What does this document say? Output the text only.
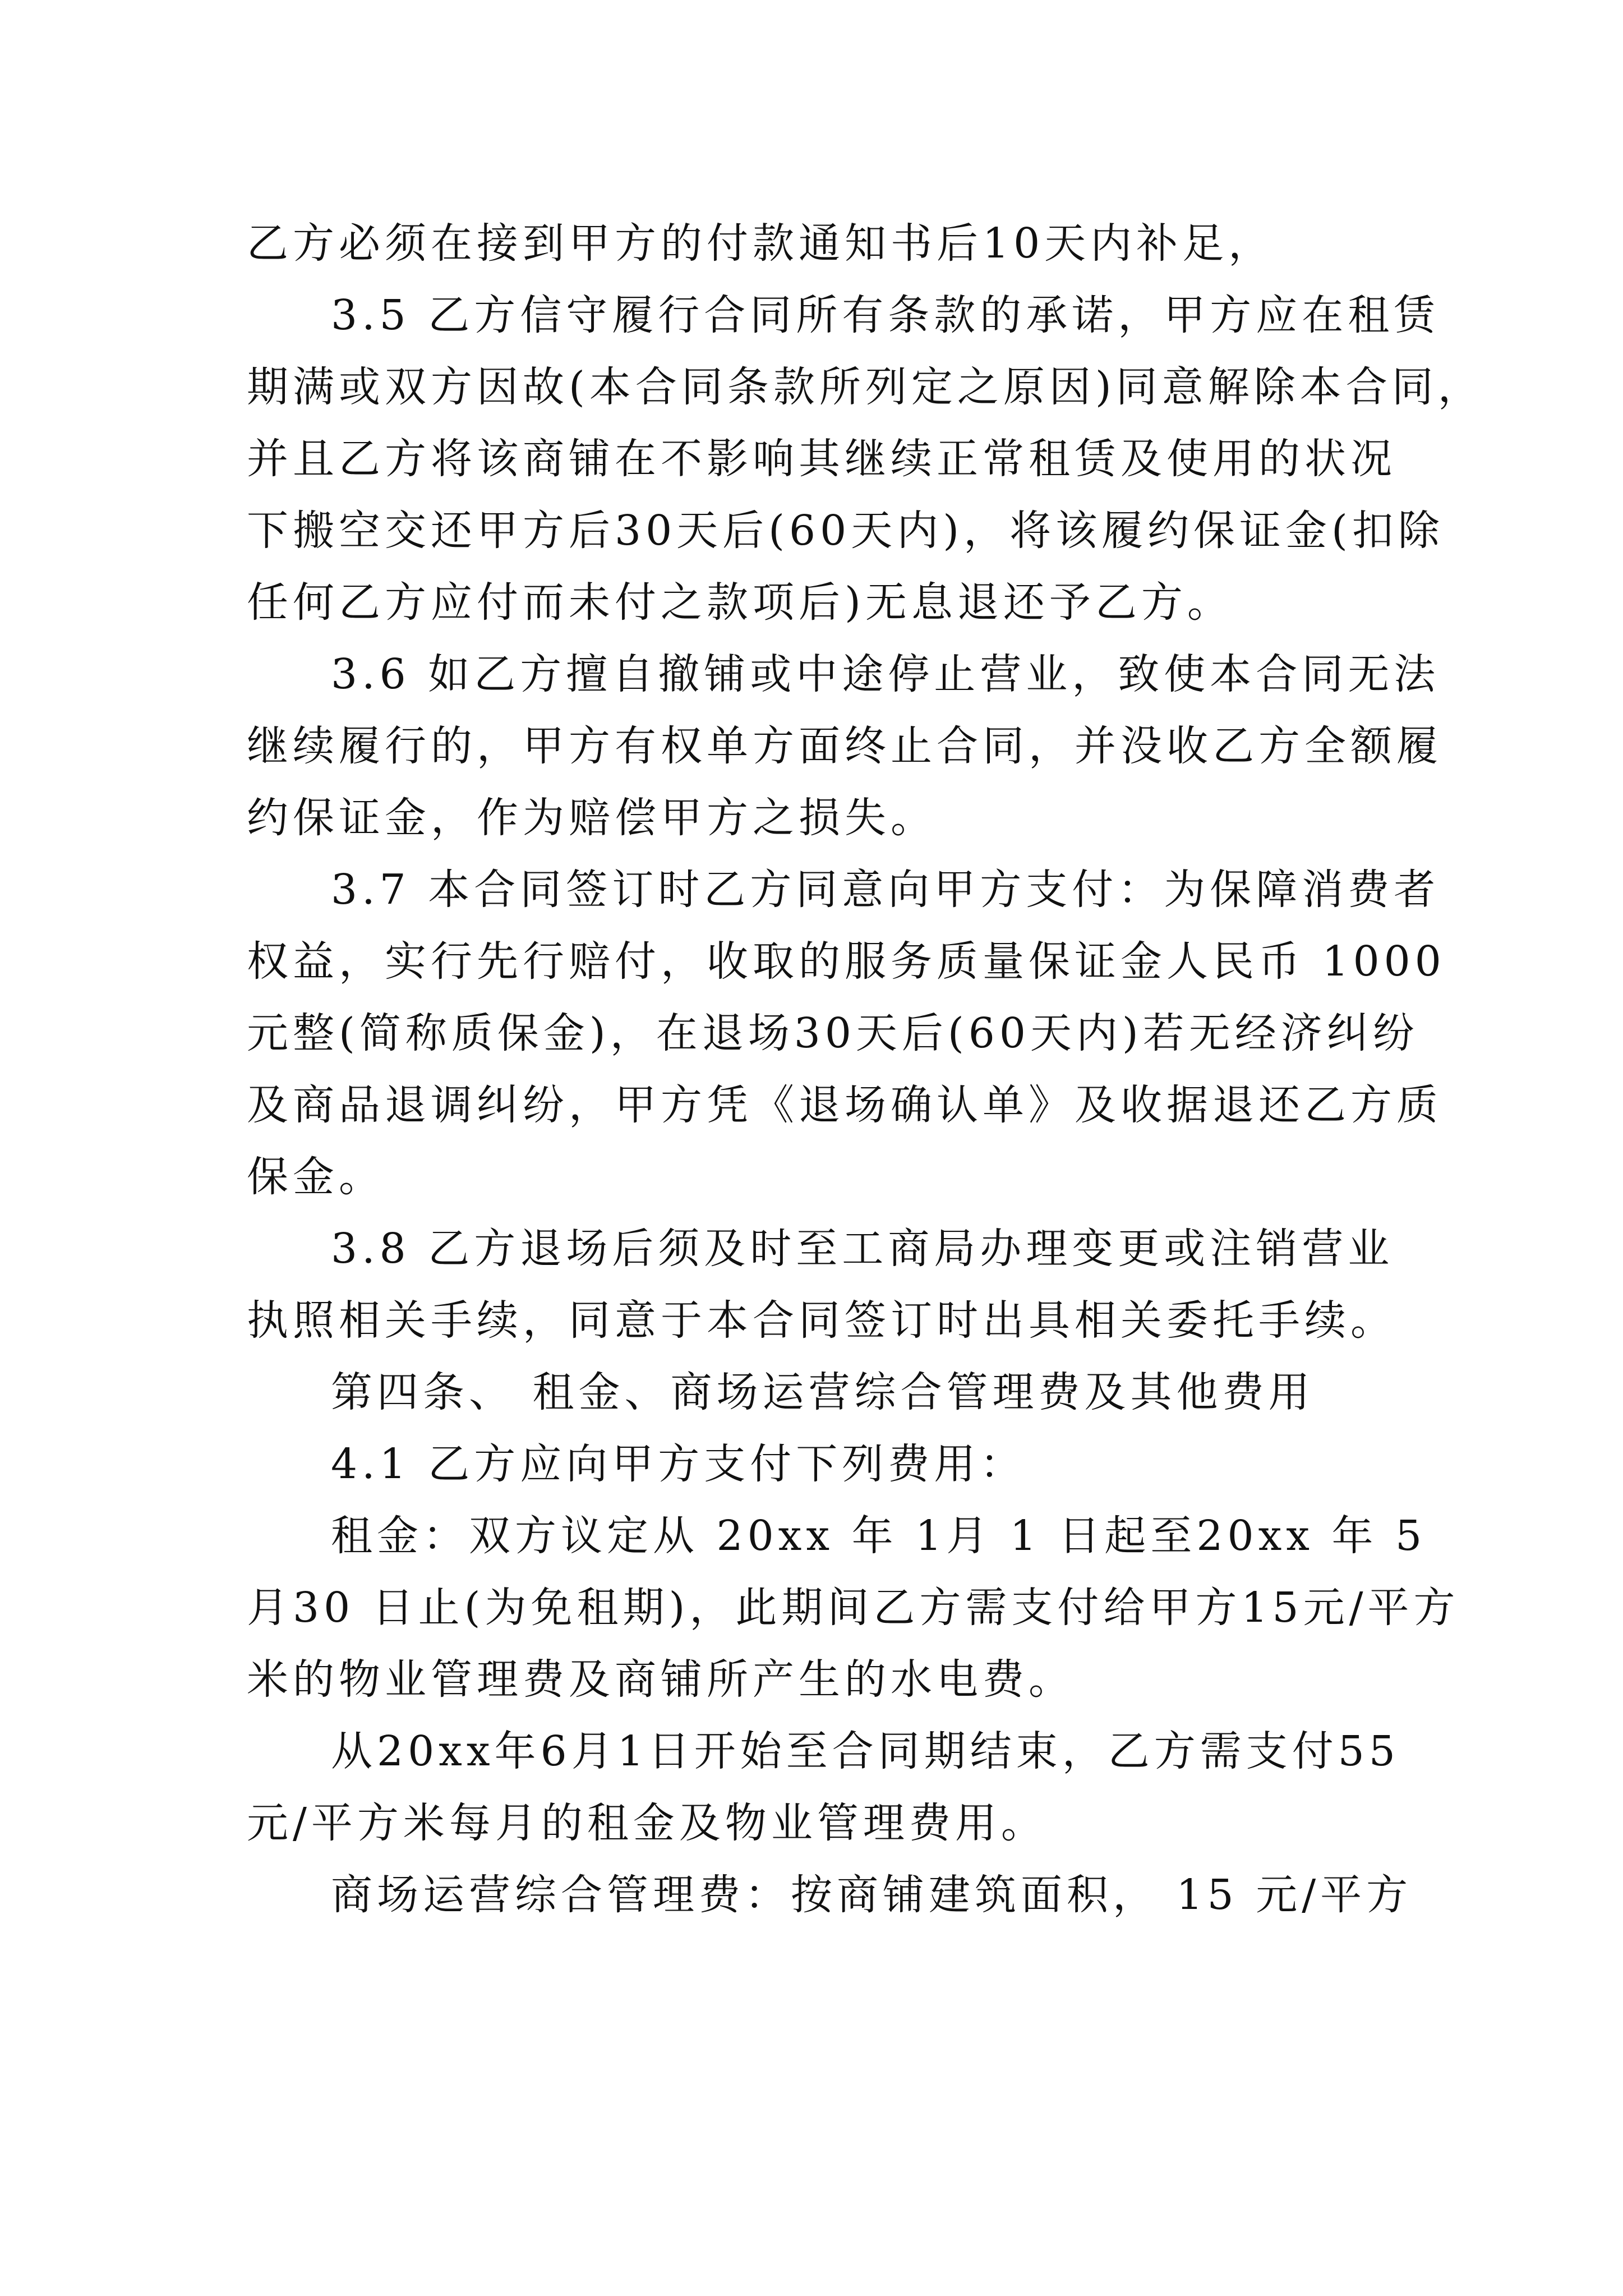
乙方必须在接到甲方的付款通知书后10天内补足，
3.5 乙方信守履行合同所有条款的承诺，甲方应在租赁
期满或双方因故(本合同条款所列定之原因)同意解除本合同，
并且乙方将该商铺在不影响其继续正常租赁及使用的状况
下搬空交还甲方后30天后(60天内)，将该履约保证金(扣除
任何乙方应付而未付之款项后)无息退还予乙方。
3.6 如乙方擅自撤铺或中途停止营业，致使本合同无法
继续履行的，甲方有权单方面终止合同，并没收乙方全额履
约保证金，作为赔偿甲方之损失。
3.7 本合同签订时乙方同意向甲方支付：为保障消费者
权益，实行先行赔付，收取的服务质量保证金人民币 1000
元整(简称质保金)，在退场30天后(60天内)若无经济纠纷
及商品退调纠纷，甲方凭《退场确认单》及收据退还乙方质
保金。
3.8 乙方退场后须及时至工商局办理变更或注销营业
执照相关手续，同意于本合同签订时出具相关委托手续。
第四条、 租金、商场运营综合管理费及其他费用
4.1 乙方应向甲方支付下列费用：
租金：双方议定从 20xx 年 1月 1 日起至20xx 年 5
月30 日止(为免租期)，此期间乙方需支付给甲方15元/平方
米的物业管理费及商铺所产生的水电费。
从20xx年6月1日开始至合同期结束，乙方需支付55
元/平方米每月的租金及物业管理费用。
商场运营综合管理费：按商铺建筑面积， 15 元/平方
